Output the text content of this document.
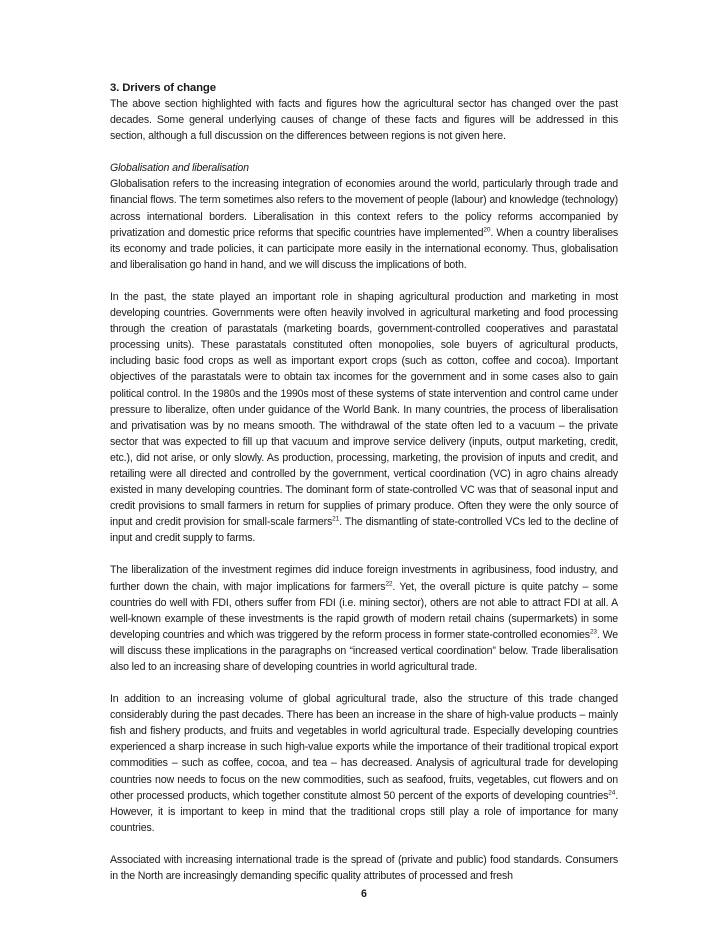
3. Drivers of change

The above section highlighted with facts and figures how the agricultural sector has changed over the past decades. Some general underlying causes of change of these facts and figures will be addressed in this section, although a full discussion on the differences between regions is not given here.

Globalisation and liberalisation

Globalisation refers to the increasing integration of economies around the world, particularly through trade and financial flows. The term sometimes also refers to the movement of people (labour) and knowledge (technology) across international borders. Liberalisation in this context refers to the policy reforms accompanied by privatization and domestic price reforms that specific countries have implemented$^{20}$. When a country liberalises its economy and trade policies, it can participate more easily in the international economy. Thus, globalisation and liberalisation go hand in hand, and we will discuss the implications of both.

In the past, the state played an important role in shaping agricultural production and marketing in most developing countries. Governments were often heavily involved in agricultural marketing and food processing through the creation of parastatals (marketing boards, government-controlled cooperatives and parastatal processing units). These parastatals constituted often monopolies, sole buyers of agricultural products, including basic food crops as well as important export crops (such as cotton, coffee and cocoa). Important objectives of the parastatals were to obtain tax incomes for the government and in some cases also to gain political control. In the 1980s and the 1990s most of these systems of state intervention and control came under pressure to liberalize, often under guidance of the World Bank. In many countries, the process of liberalisation and privatisation was by no means smooth. The withdrawal of the state often led to a vacuum – the private sector that was expected to fill up that vacuum and improve service delivery (inputs, output marketing, credit, etc.), did not arise, or only slowly. As production, processing, marketing, the provision of inputs and credit, and retailing were all directed and controlled by the government, vertical coordination (VC) in agro chains already existed in many developing countries. The dominant form of state-controlled VC was that of seasonal input and credit provisions to small farmers in return for supplies of primary produce. Often they were the only source of input and credit provision for small-scale farmers$^{21}$. The dismantling of state-controlled VCs led to the decline of input and credit supply to farms.

The liberalization of the investment regimes did induce foreign investments in agribusiness, food industry, and further down the chain, with major implications for farmers$^{22}$. Yet, the overall picture is quite patchy – some countries do well with FDI, others suffer from FDI (i.e. mining sector), others are not able to attract FDI at all. A well-known example of these investments is the rapid growth of modern retail chains (supermarkets) in some developing countries and which was triggered by the reform process in former state-controlled economies$^{23}$. We will discuss these implications in the paragraphs on “increased vertical coordination” below. Trade liberalisation also led to an increasing share of developing countries in world agricultural trade.

In addition to an increasing volume of global agricultural trade, also the structure of this trade changed considerably during the past decades. There has been an increase in the share of high-value products – mainly fish and fishery products, and fruits and vegetables in world agricultural trade. Especially developing countries experienced a sharp increase in such high-value exports while the importance of their traditional tropical export commodities – such as coffee, cocoa, and tea – has decreased. Analysis of agricultural trade for developing countries now needs to focus on the new commodities, such as seafood, fruits, vegetables, cut flowers and on other processed products, which together constitute almost 50 percent of the exports of developing countries$^{24}$. However, it is important to keep in mind that the traditional crops still play a role of importance for many countries.

Associated with increasing international trade is the spread of (private and public) food standards. Consumers in the North are increasingly demanding specific quality attributes of processed and fresh

6
